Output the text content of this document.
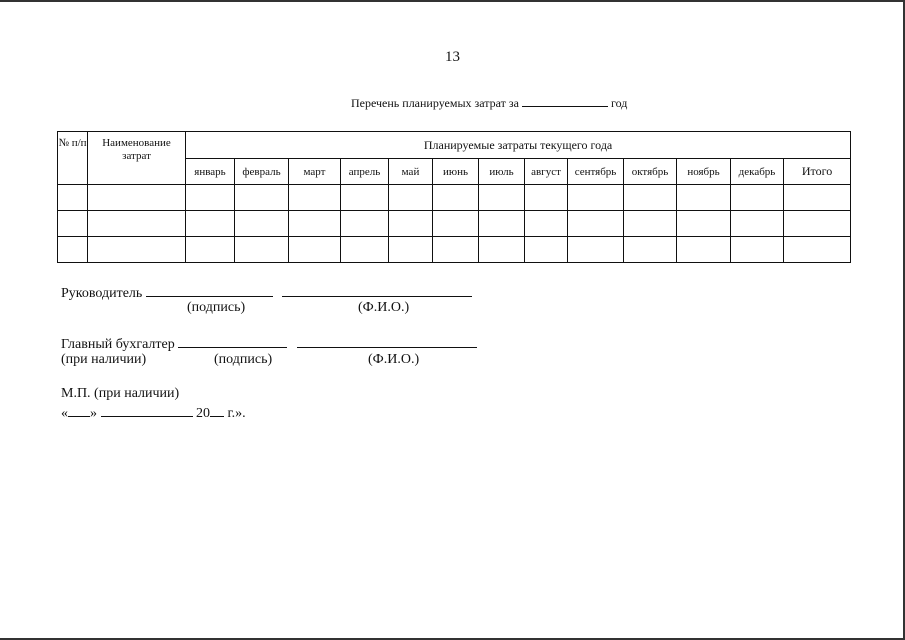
13
Перечень планируемых затрат за	год
№ п/п	Наименование затрат	Планируемые затраты текущего года												
		январь	февраль	март	апрель	май	июнь	июль	август	сентябрь	октябрь	ноябрь	декабрь	Итого

Руководитель
(подпись)	(Ф.И.О.)
Главный бухгалтер
(при наличии)	(подпись)	(Ф.И.О.)
М.П. (при наличии)
« »	20 г.».
